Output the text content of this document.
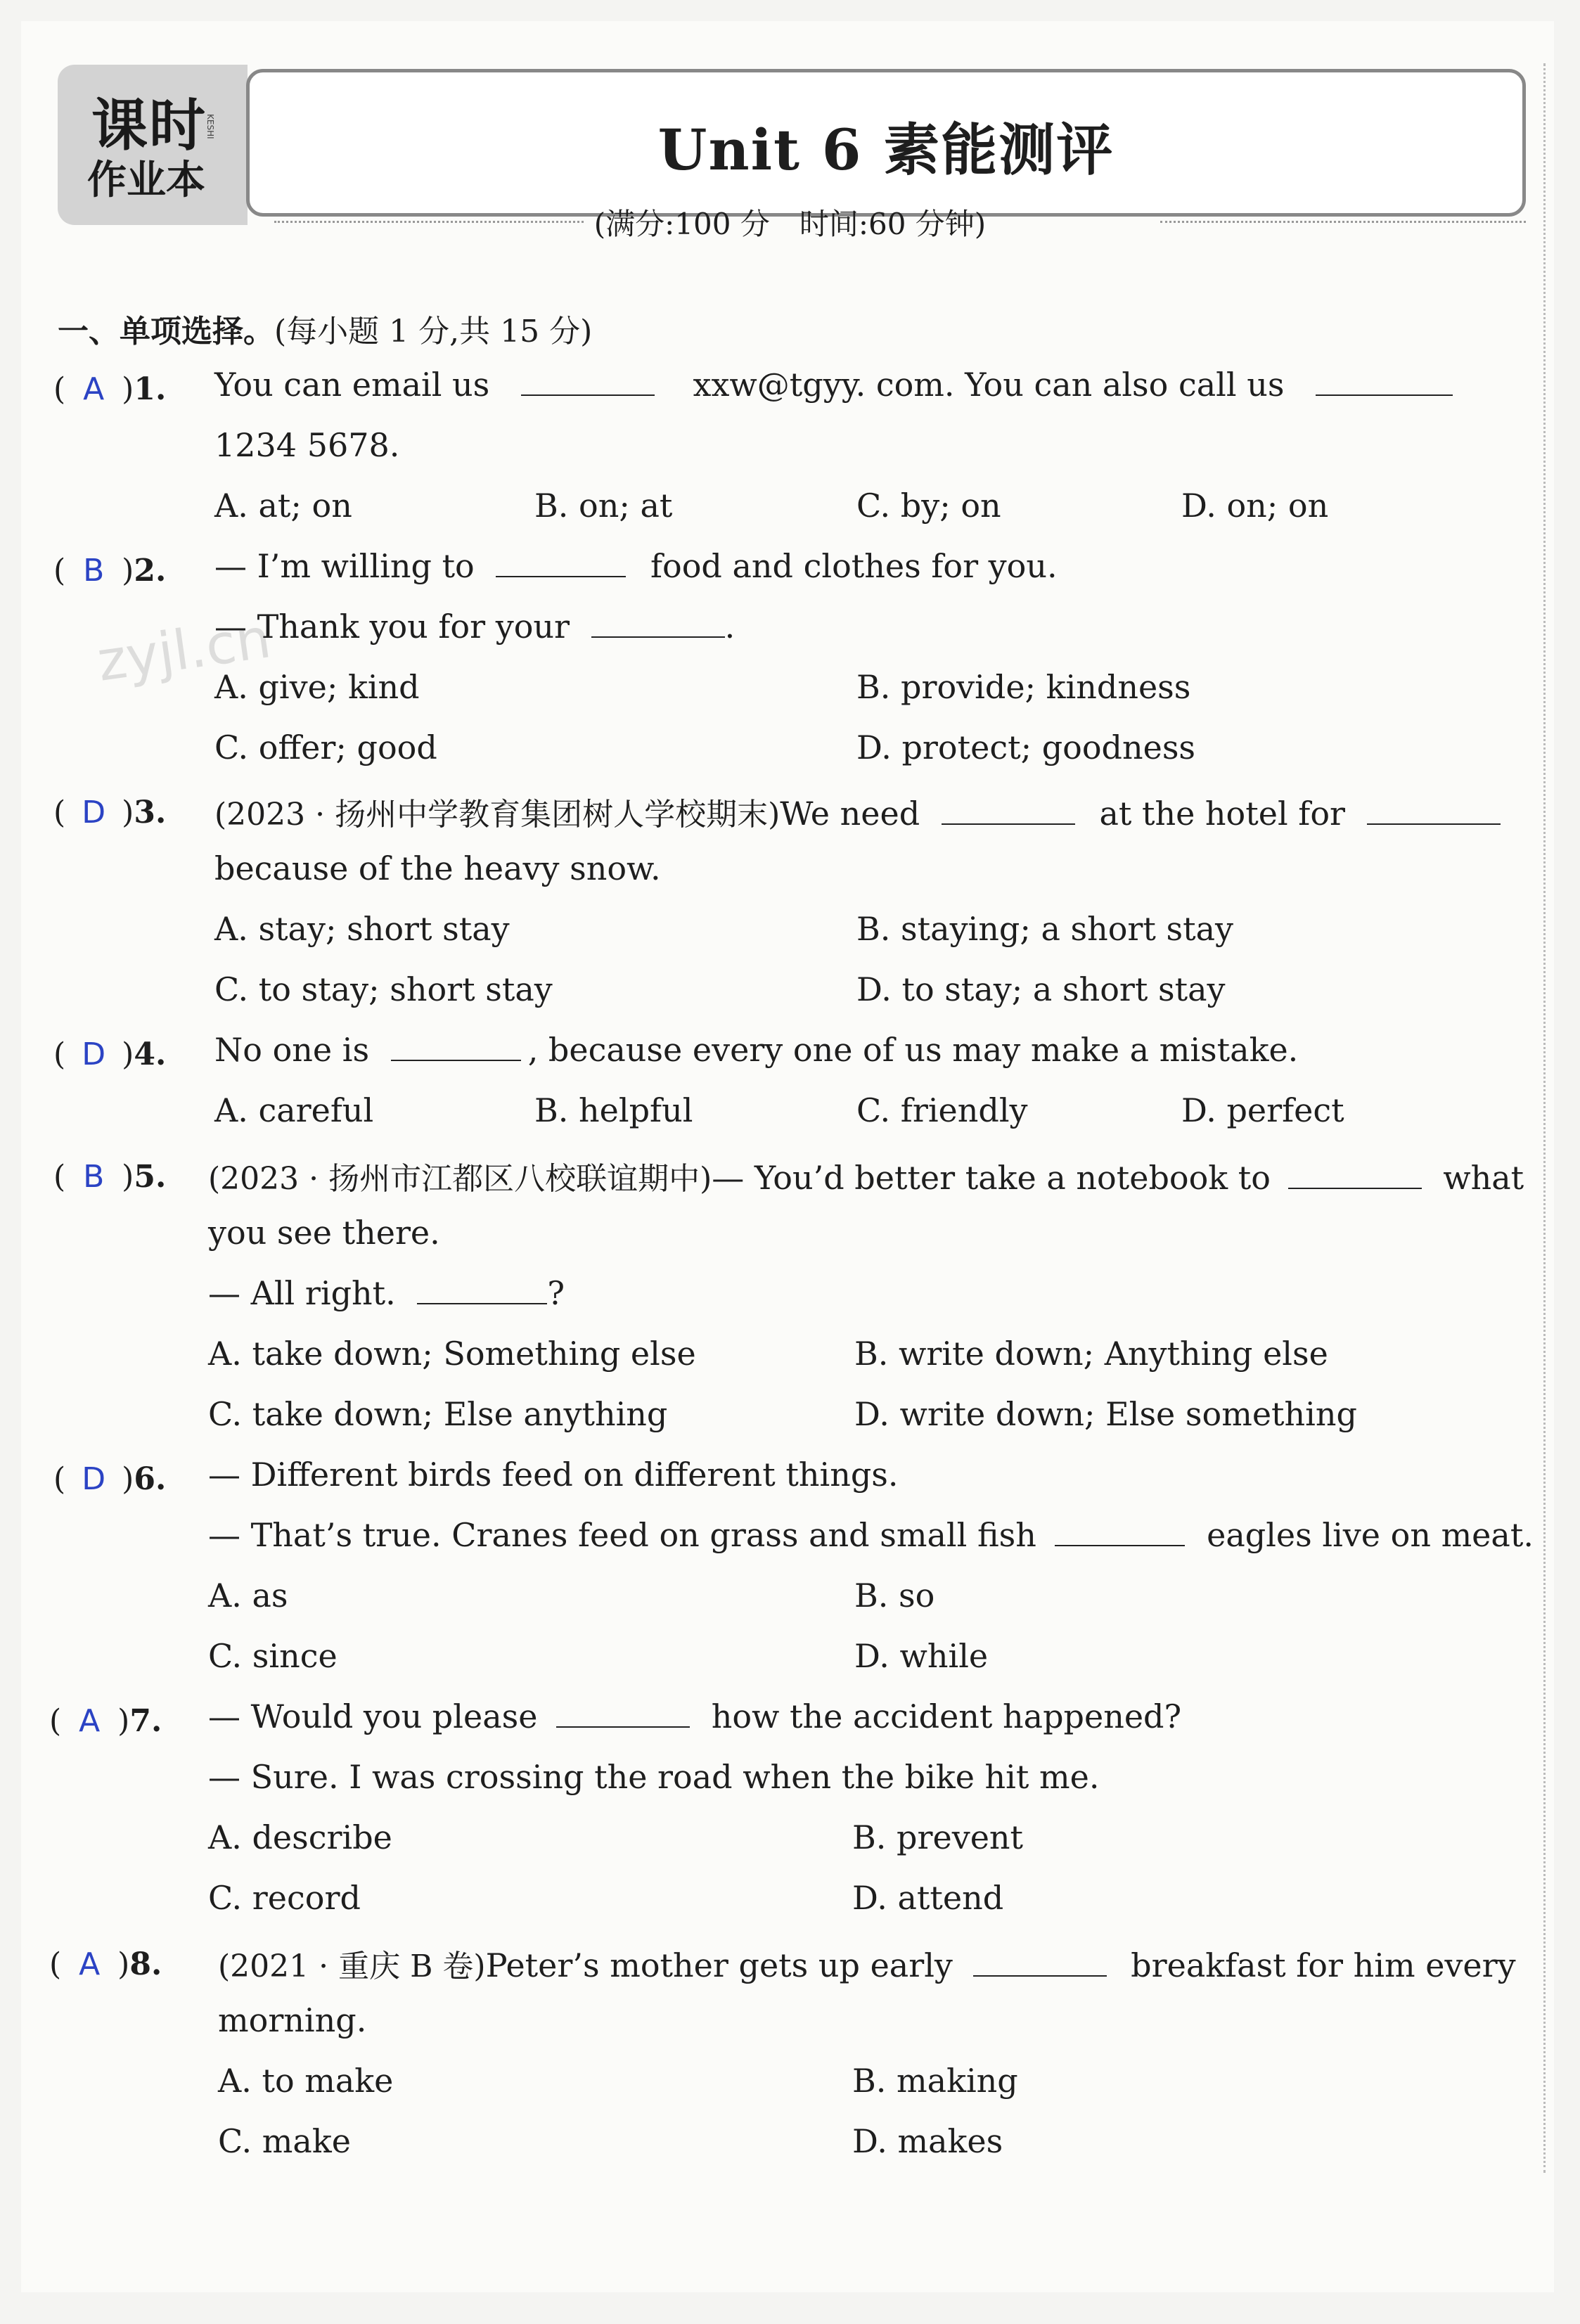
课时
作业本
KESHI	Unit 6 素能测评
(满分:100 分　时间:60 分钟)
一、单项选择。(每小题 1 分,共 15 分)
zyjl.cn
( A )1. You can email us	xxw@tgyy. com. You can also call us
1234 5678.
A. at; on	B. on; at	C. by; on	D. on; on
( B )2. — I’m willing to	food and clothes for you.
— Thank you for your	.
A. give; kind	B. provide; kindness
C. offer; good	D. protect; goodness
( D )3. (2023 · 扬州中学教育集团树人学校期末)We need	at the hotel for
because of the heavy snow.
A. stay; short stay	B. staying; a short stay
C. to stay; short stay	D. to stay; a short stay
( D )4. No one is	, because every one of us may make a mistake.
A. careful	B. helpful	C. friendly	D. perfect
( B )5. (2023 · 扬州市江都区八校联谊期中)— You’d better take a notebook to	what
you see there.
— All right.	?
A. take down; Something else	B. write down; Anything else
C. take down; Else anything	D. write down; Else something
( D )6. — Different birds feed on different things.
— That’s true. Cranes feed on grass and small fish	eagles live on meat.
A. as	B. so
C. since	D. while
( A )7. — Would you please	how the accident happened?
— Sure. I was crossing the road when the bike hit me.
A. describe	B. prevent
C. record	D. attend
( A )8. (2021 · 重庆 B 卷)Peter’s mother gets up early	breakfast for him every
morning.
A. to make	B. making
C. make	D. makes
